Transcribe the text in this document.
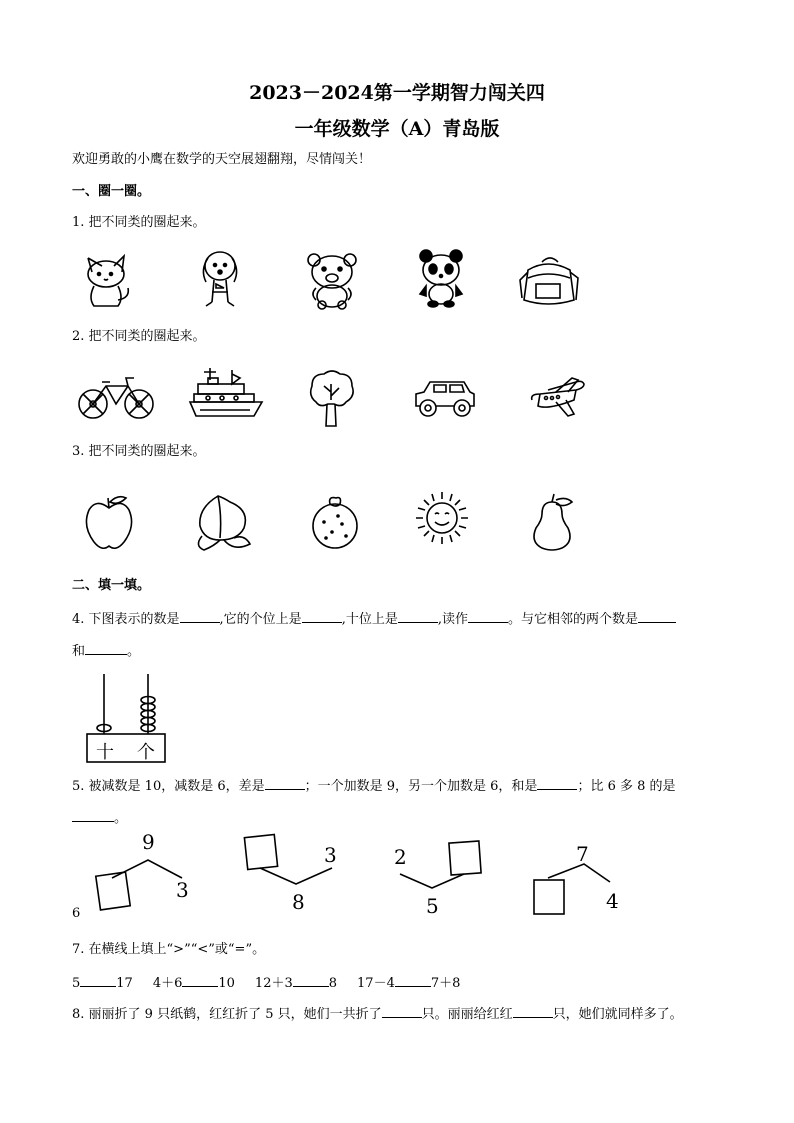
2023－2024第一学期智力闯关四
一年级数学（A）青岛版
欢迎勇敢的小鹰在数学的天空展翅翻翔，尽情闯关！
一、圈一圈。
1. 把不同类的圈起来。
2. 把不同类的圈起来。
3. 把不同类的圈起来。
二、填一填。
4. 下图表示的数是	,它的个位上是	,十位上是	,读作	。与它相邻的两个数是
和	。
十 个
5. 被减数是 10，减数是 6，差是	；一个加数是 9，另一个加数是 6，和是	；比 6 多 8 的是
。
9
3
3
8
2
5
7
4
6
7. 在横线上填上“>”“<”或“=”。
5	17 4＋6	10 12＋3	8 17－4	7＋8
8. 丽丽折了 9 只纸鹤，红红折了 5 只，她们一共折了	只。丽丽给红红	只，她们就同样多了。
